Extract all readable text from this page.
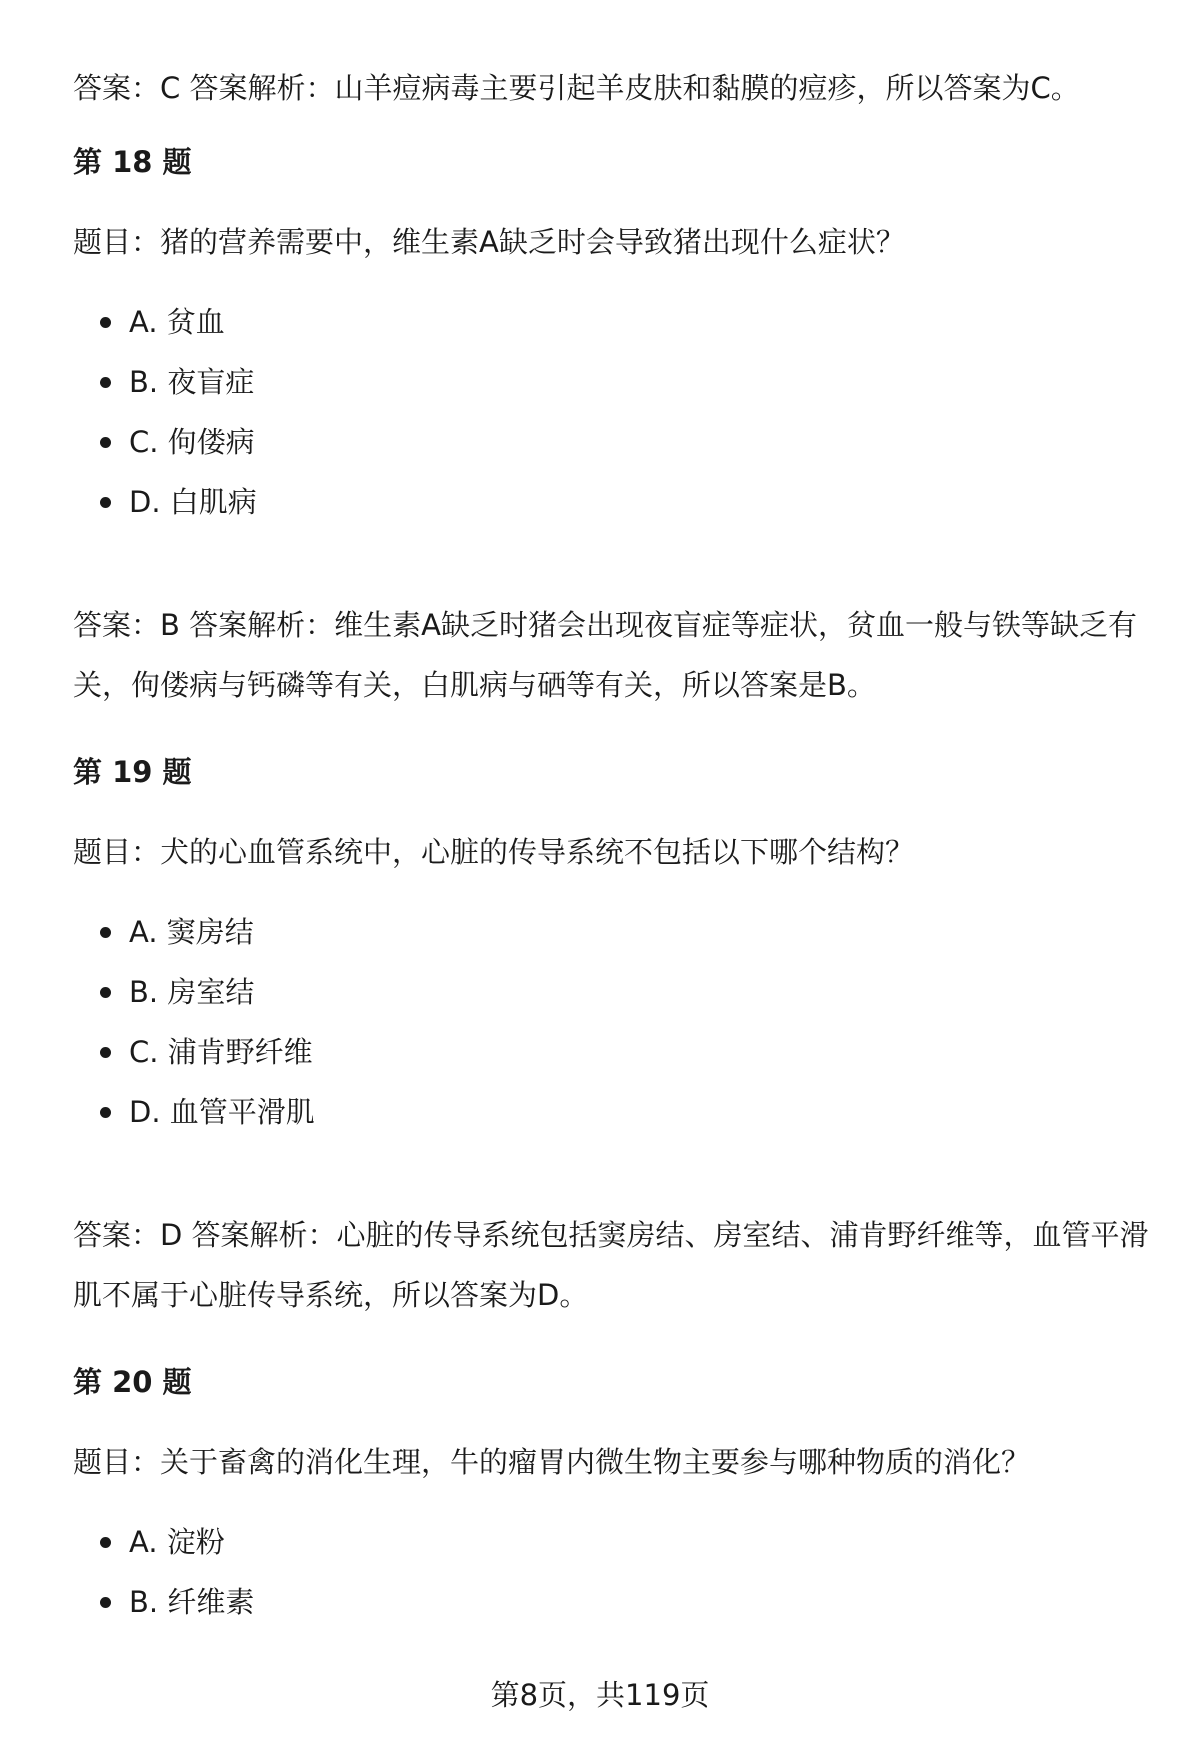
答案：C 答案解析：山羊痘病毒主要引起羊皮肤和黏膜的痘疹，所以答案为C。

第 18 题

题目：猪的营养需要中，维生素A缺乏时会导致猪出现什么症状？

A. 贫血
B. 夜盲症
C. 佝偻病
D. 白肌病

答案：B 答案解析：维生素A缺乏时猪会出现夜盲症等症状，贫血一般与铁等缺乏有关，佝偻病与钙磷等有关，白肌病与硒等有关，所以答案是B。

第 19 题

题目：犬的心血管系统中，心脏的传导系统不包括以下哪个结构？

A. 窦房结
B. 房室结
C. 浦肯野纤维
D. 血管平滑肌

答案：D 答案解析：心脏的传导系统包括窦房结、房室结、浦肯野纤维等，血管平滑肌不属于心脏传导系统，所以答案为D。

第 20 题

题目：关于畜禽的消化生理，牛的瘤胃内微生物主要参与哪种物质的消化？

A. 淀粉
B. 纤维素
第8页，共119页
